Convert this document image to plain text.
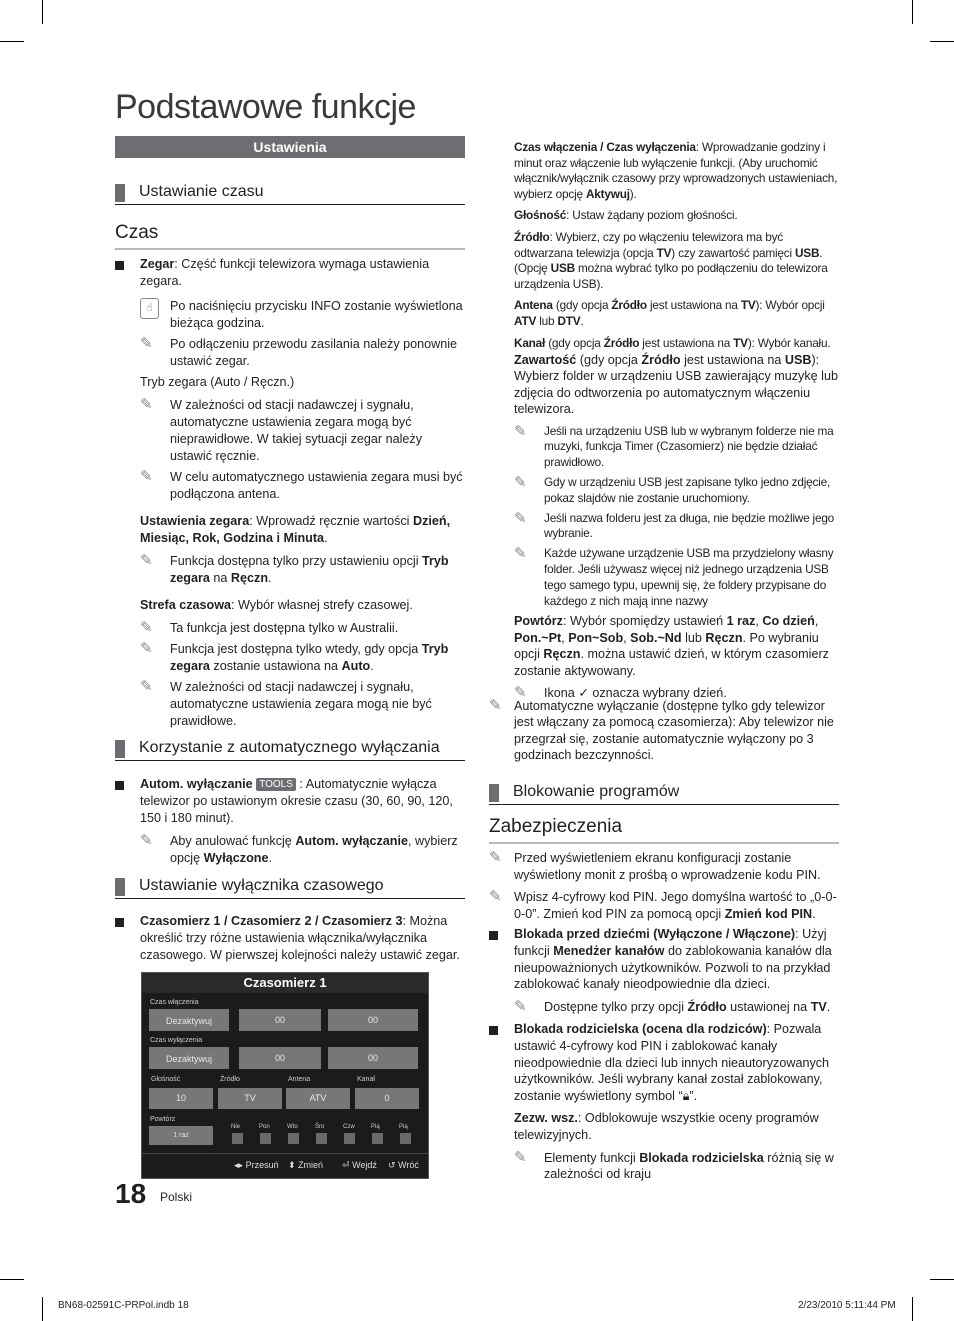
Podstawowe funkcje
Ustawienia
Ustawianie czasu
Czas
Zegar: Część funkcji telewizora wymaga ustawienia zegara.
☝	Po naciśnięciu przycisku INFO zostanie wyświetlona bieżąca godzina.
✎ Po odłączeniu przewodu zasilania należy ponownie ustawić zegar.

Tryb zegara (Auto / Ręczn.)

✎ W zależności od stacji nadawczej i sygnału, automatyczne ustawienia zegara mogą być nieprawidłowe. W takiej sytuacji zegar należy ustawić ręcznie.
✎ W celu automatycznego ustawienia zegara musi być podłączona antena.

Ustawienia zegara: Wprowadź ręcznie wartości Dzień, Miesiąc, Rok, Godzina i Minuta.

✎ Funkcja dostępna tylko przy ustawieniu opcji Tryb zegara na Ręczn.

Strefa czasowa: Wybór własnej strefy czasowej.

✎ Ta funkcja jest dostępna tylko w Australii.
✎ Funkcja jest dostępna tylko wtedy, gdy opcja Tryb zegara zostanie ustawiona na Auto.
✎ W zależności od stacji nadawczej i sygnału, automatyczne ustawienia zegara mogą nie być prawidłowe.
Korzystanie z automatycznego wyłączania
Autom. wyłączanie TOOLS : Automatycznie wyłącza telewizor po ustawionym okresie czasu (30, 60, 90, 120, 150 i 180 minut).
✎ Aby anulować funkcję Autom. wyłączanie, wybierz opcję Wyłączone.
Ustawianie wyłącznika czasowego
Czasomierz 1 / Czasomierz 2 / Czasomierz 3: Można określić trzy różne ustawienia włącznika/wyłącznika czasowego. W pierwszej kolejności należy ustawić zegar.
Czasomierz 1
Czas włączenia
Dezaktywuj	00	00
Czas wyłączenia
Dezaktywuj	00	00
Głośność	Źródło	Antena	Kanał
10	TV	ATV	0
Powtórz
1 raz
Nie	Pon	Wto	Śro	Czw	Pią	Pią
◂▸ Przesuń ⬍ Zmień ⏎ Wejdź ↺ Wróć
18 Polski

Czas włączenia / Czas wyłączenia: Wprowadzanie godziny i minut oraz włączenie lub wyłączenie funkcji. (Aby uruchomić włącznik/wyłącznik czasowy przy wprowadzonych ustawieniach, wybierz opcję Aktywuj).

Głośność: Ustaw żądany poziom głośności.

Źródło: Wybierz, czy po włączeniu telewizora ma być odtwarzana telewizja (opcja TV) czy zawartość pamięci USB. (Opcję USB można wybrać tylko po podłączeniu do telewizora urządzenia USB).

Antena (gdy opcja Źródło jest ustawiona na TV): Wybór opcji ATV lub DTV.

Kanał (gdy opcja Źródło jest ustawiona na TV): Wybór kanału.

Zawartość (gdy opcja Źródło jest ustawiona na USB): Wybierz folder w urządzeniu USB zawierający muzykę lub zdjęcia do odtworzenia po automatycznym włączeniu telewizora.

✎ Jeśli na urządzeniu USB lub w wybranym folderze nie ma muzyki, funkcja Timer (Czasomierz) nie będzie działać prawidłowo.
✎ Gdy w urządzeniu USB jest zapisane tylko jedno zdjęcie, pokaz slajdów nie zostanie uruchomiony.
✎ Jeśli nazwa folderu jest za długa, nie będzie możliwe jego wybranie.
✎ Każde używane urządzenie USB ma przydzielony własny folder. Jeśli używasz więcej niż jednego urządzenia USB tego samego typu, upewnij się, że foldery przypisane do każdego z nich mają inne nazwy

Powtórz: Wybór spomiędzy ustawień 1 raz, Co dzień, Pon.~Pt, Pon~Sob, Sob.~Nd lub Ręczn. Po wybraniu opcji Ręczn. można ustawić dzień, w którym czasomierz zostanie aktywowany.

✎ Ikona ✓ oznacza wybrany dzień.
✎ Automatyczne wyłączanie (dostępne tylko gdy telewizor jest włączany za pomocą czasomierza): Aby telewizor nie przegrzał się, zostanie automatycznie wyłączony po 3 godzinach bezczynności.
Blokowanie programów
Zabezpieczenia
✎ Przed wyświetleniem ekranu konfiguracji zostanie wyświetlony monit z prośbą o wprowadzenie kodu PIN.
✎ Wpisz 4-cyfrowy kod PIN. Jego domyślna wartość to „0-0-0-0”. Zmień kod PIN za pomocą opcji Zmień kod PIN.
Blokada przed dziećmi (Wyłączone / Włączone): Użyj funkcji Menedżer kanałów do zablokowania kanałów dla nieupoważnionych użytkowników. Pozwoli to na przykład zablokować kanały nieodpowiednie dla dzieci.
✎ Dostępne tylko przy opcji Źródło ustawionej na TV.
Blokada rodzicielska (ocena dla rodziców): Pozwala ustawić 4-cyfrowy kod PIN i zablokować kanały nieodpowiednie dla dzieci lub innych nieautoryzowanych użytkowników. Jeśli wybrany kanał został zablokowany, zostanie wyświetlony symbol “🔒︎”.

Zezw. wsz.: Odblokowuje wszystkie oceny programów telewizyjnych.

✎ Elementy funkcji Blokada rodzicielska różnią się w zależności od kraju
BN68-02591C-PRPol.indb 18	2/23/2010 5:11:44 PM
